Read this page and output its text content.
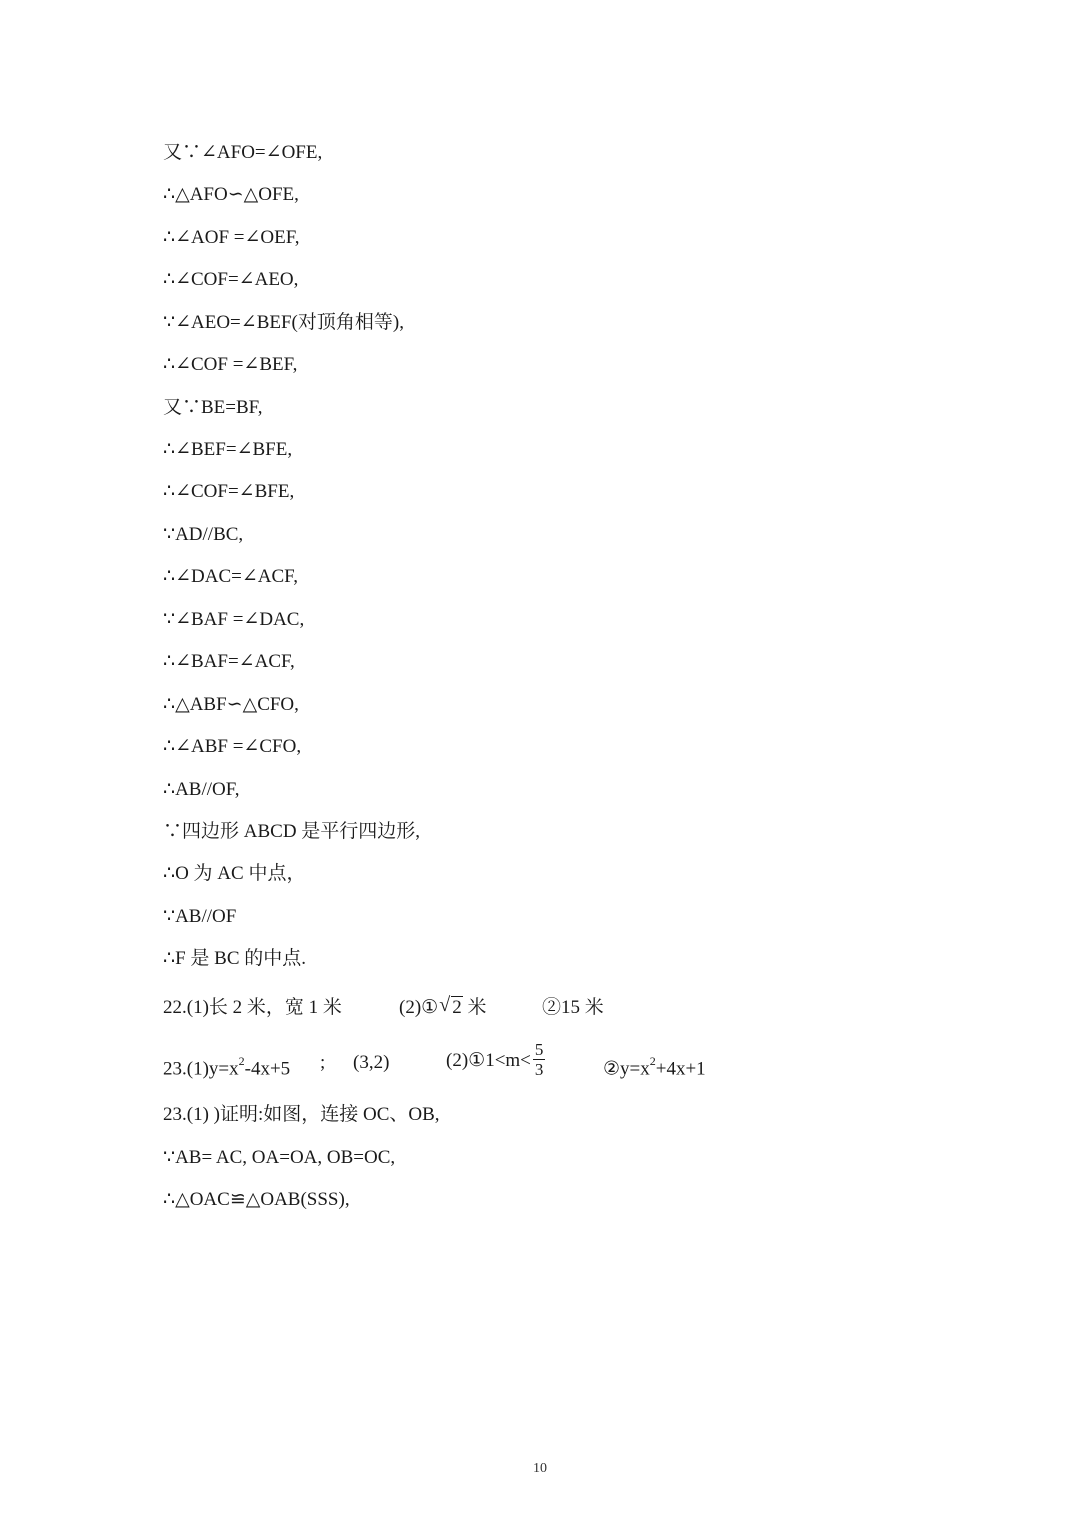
又∵∠AFO=∠OFE,
∴△AFO∽△OFE,
∴∠AOF =∠OEF,
∴∠COF=∠AEO,
∵∠AEO=∠BEF(对顶角相等),
∴∠COF =∠BEF,
又∵BE=BF,
∴∠BEF=∠BFE,
∴∠COF=∠BFE,
∵AD//BC,
∴∠DAC=∠ACF,
∵∠BAF =∠DAC,
∴∠BAF=∠ACF,
∴△ABF∽△CFO,
∴∠ABF =∠CFO,
∴AB//OF,
∵四边形 ABCD 是平行四边形,
∴O 为 AC 中点，
∵AB//OF
∴F 是 BC 的中点.
22.(1)长 2 米，宽 1 米	(2)① √ 2 米	②15 米
$23.(1)y=x^2-4x+5$ ; (3,2)	(2)①1<m< $\frac{5}{3}$	$②y=x^2+4x+1$
23.(1) )证明:如图，连接 OC、OB,
∵AB= AC, OA=OA, OB=OC,
∴△OAC≌△OAB(SSS),
10
